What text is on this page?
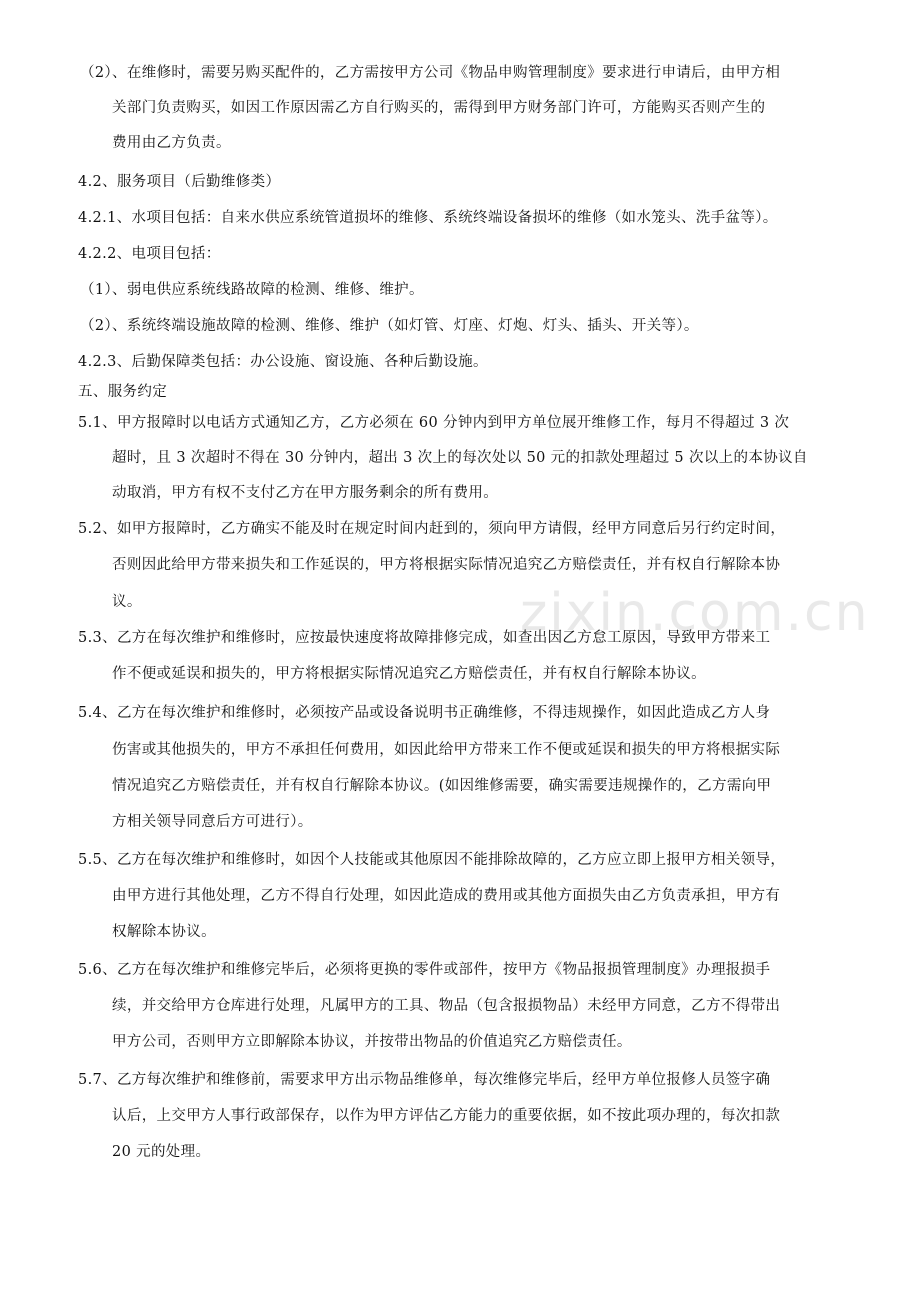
zixin.com.cn
（2）、在维修时，需要另购买配件的，乙方需按甲方公司《物品申购管理制度》要求进行申请后，由甲方相
关部门负责购买，如因工作原因需乙方自行购买的，需得到甲方财务部门许可，方能购买否则产生的
费用由乙方负责。
4.2、服务项目（后勤维修类）
4.2.1、水项目包括：自来水供应系统管道损坏的维修、系统终端设备损坏的维修（如水笼头、洗手盆等）。
4.2.2、电项目包括：
（1）、弱电供应系统线路故障的检测、维修、维护。
（2）、系统终端设施故障的检测、维修、维护（如灯管、灯座、灯炮、灯头、插头、开关等）。
4.2.3、后勤保障类包括：办公设施、窗设施、各种后勤设施。
五、服务约定
5.1、甲方报障时以电话方式通知乙方，乙方必须在 60 分钟内到甲方单位展开维修工作，每月不得超过 3 次
超时，且 3 次超时不得在 30 分钟内，超出 3 次上的每次处以 50 元的扣款处理超过 5 次以上的本协议自
动取消，甲方有权不支付乙方在甲方服务剩余的所有费用。
5.2、如甲方报障时，乙方确实不能及时在规定时间内赶到的，须向甲方请假，经甲方同意后另行约定时间，
否则因此给甲方带来损失和工作延误的，甲方将根据实际情况追究乙方赔偿责任，并有权自行解除本协
议。
5.3、乙方在每次维护和维修时，应按最快速度将故障排修完成，如查出因乙方怠工原因，导致甲方带来工
作不便或延误和损失的，甲方将根据实际情况追究乙方赔偿责任，并有权自行解除本协议。
5.4、乙方在每次维护和维修时，必须按产品或设备说明书正确维修，不得违规操作，如因此造成乙方人身
伤害或其他损失的，甲方不承担任何费用，如因此给甲方带来工作不便或延误和损失的甲方将根据实际
情况追究乙方赔偿责任，并有权自行解除本协议。(如因维修需要，确实需要违规操作的，乙方需向甲
方相关领导同意后方可进行）。
5.5、乙方在每次维护和维修时，如因个人技能或其他原因不能排除故障的，乙方应立即上报甲方相关领导，
由甲方进行其他处理，乙方不得自行处理，如因此造成的费用或其他方面损失由乙方负责承担，甲方有
权解除本协议。
5.6、乙方在每次维护和维修完毕后，必须将更换的零件或部件，按甲方《物品报损管理制度》办理报损手
续，并交给甲方仓库进行处理，凡属甲方的工具、物品（包含报损物品）未经甲方同意，乙方不得带出
甲方公司，否则甲方立即解除本协议，并按带出物品的价值追究乙方赔偿责任。
5.7、乙方每次维护和维修前，需要求甲方出示物品维修单，每次维修完毕后，经甲方单位报修人员签字确
认后，上交甲方人事行政部保存，以作为甲方评估乙方能力的重要依据，如不按此项办理的，每次扣款
20 元的处理。
